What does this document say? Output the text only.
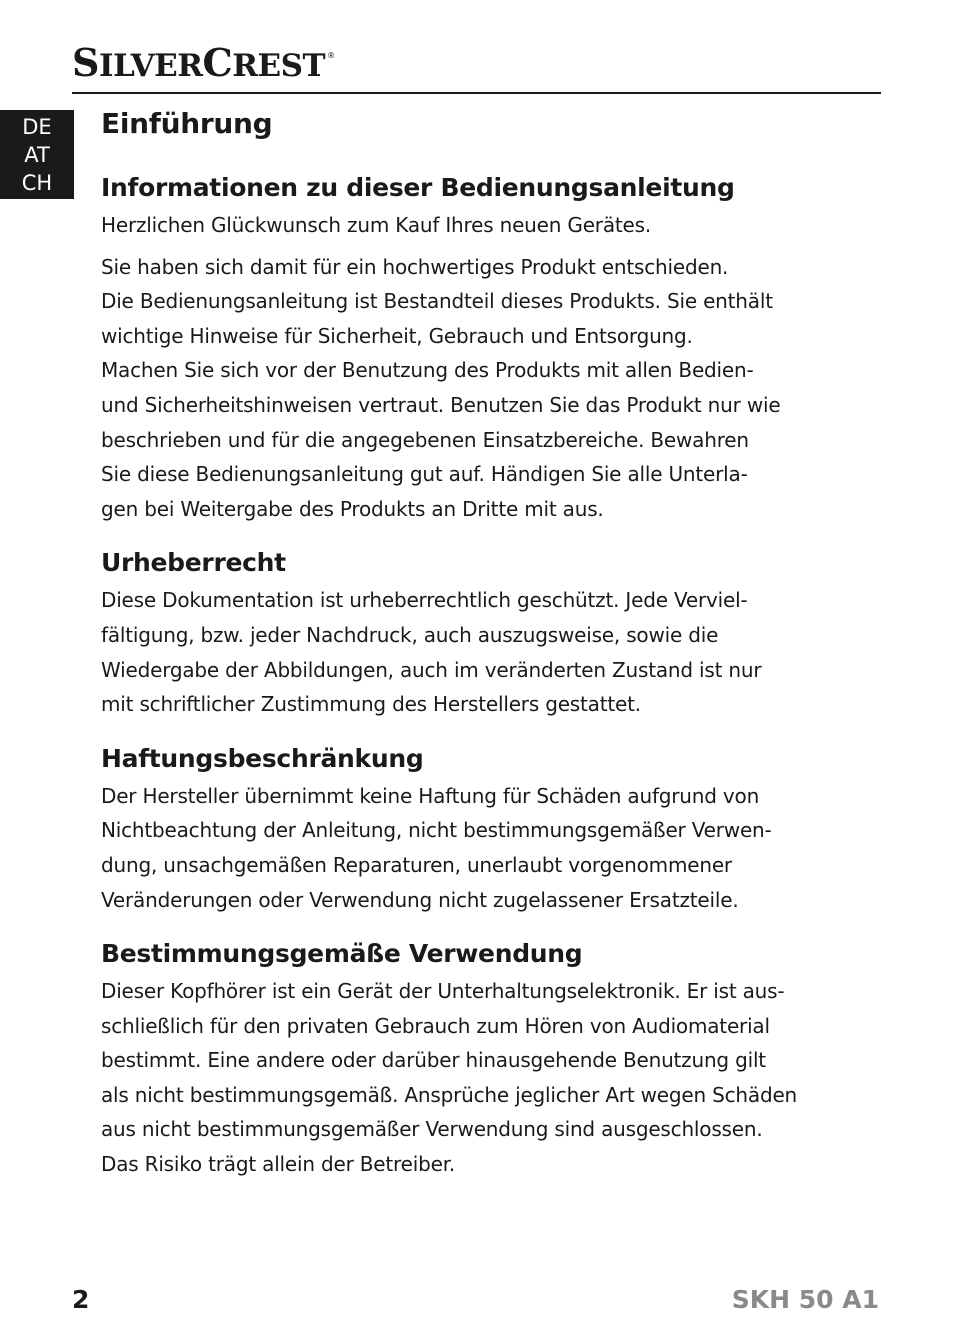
SILVERCREST ®
DE
AT
CH
Einführung
Informationen zu dieser Bedienungsanleitung

Herzlichen Glückwunsch zum Kauf Ihres neuen Gerätes.

Sie haben sich damit für ein hochwertiges Produkt entschieden.
Die Bedienungsanleitung ist Bestandteil dieses Produkts. Sie enthält
wichtige Hinweise für Sicherheit, Gebrauch und Entsorgung.
Machen Sie sich vor der Benutzung des Produkts mit allen Bedien-
und Sicherheitshinweisen vertraut. Benutzen Sie das Produkt nur wie
beschrieben und für die angegebenen Einsatzbereiche. Bewahren
Sie diese Bedienungsanleitung gut auf. Händigen Sie alle Unterla-
gen bei Weitergabe des Produkts an Dritte mit aus.

Urheberrecht

Diese Dokumentation ist urheberrechtlich geschützt. Jede Verviel-
fältigung, bzw. jeder Nachdruck, auch auszugsweise, sowie die
Wiedergabe der Abbildungen, auch im veränderten Zustand ist nur
mit schriftlicher Zustimmung des Herstellers gestattet.

Haftungsbeschränkung

Der Hersteller übernimmt keine Haftung für Schäden aufgrund von
Nichtbeachtung der Anleitung, nicht bestimmungsgemäßer Verwen-
dung, unsachgemäßen Reparaturen, unerlaubt vorgenommener
Veränderungen oder Verwendung nicht zugelassener Ersatzteile.

Bestimmungsgemäße Verwendung

Dieser Kopfhörer ist ein Gerät der Unterhaltungselektronik. Er ist aus-
schließlich für den privaten Gebrauch zum Hören von Audiomaterial
bestimmt. Eine andere oder darüber hinausgehende Benutzung gilt
als nicht bestimmungsgemäß. Ansprüche jeglicher Art wegen Schäden
aus nicht bestimmungsgemäßer Verwendung sind ausgeschlossen.
Das Risiko trägt allein der Betreiber.

2	SKH 50 A1
